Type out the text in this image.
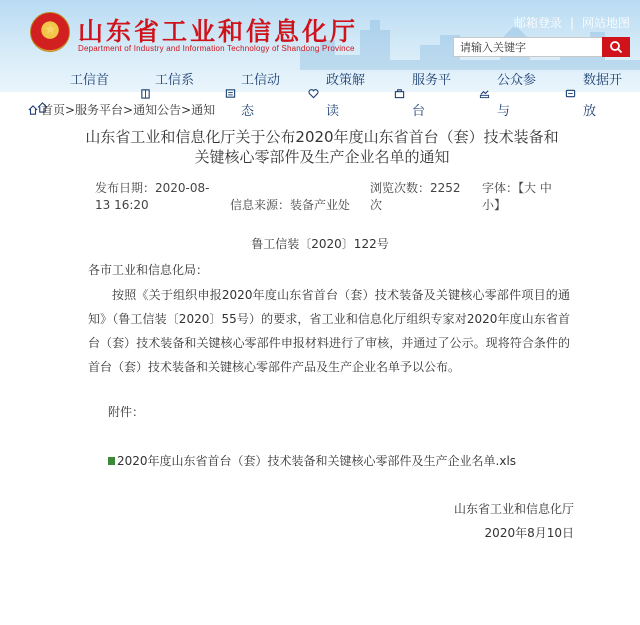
★ 山东省工业和信息化厅
Department of Industry and Information Technology of Shandong Province
邮箱登录 | 网站地图
请输入关键字
工信首	工信系	工信动
态
政策解
读
服务平
台
公众参
与
数据开
放
首页>服务平台>通知公告>通知
山东省工业和信息化厅关于公布2020年度山东省首台（套）技术装备和关键核心零部件及生产企业名单的通知
发布日期：2020-08-13 16:20	信息来源：装备产业处
浏览次数：2252次
字体：【大 中 小】
鲁工信装〔2020〕122号
各市工业和信息化局：
按照《关于组织申报2020年度山东省首台（套）技术装备及关键核心零部件项目的通知》（鲁工信装〔2020〕55号）的要求，省工业和信息化厅组织专家对2020年度山东省首台（套）技术装备和关键核心零部件申报材料进行了审核，并通过了公示。现将符合条件的首台（套）技术装备和关键核心零部件产品及生产企业名单予以公布。
附件：
2020年度山东省首台（套）技术装备和关键核心零部件及生产企业名单.xls
山东省工业和信息化厅
2020年8月10日
